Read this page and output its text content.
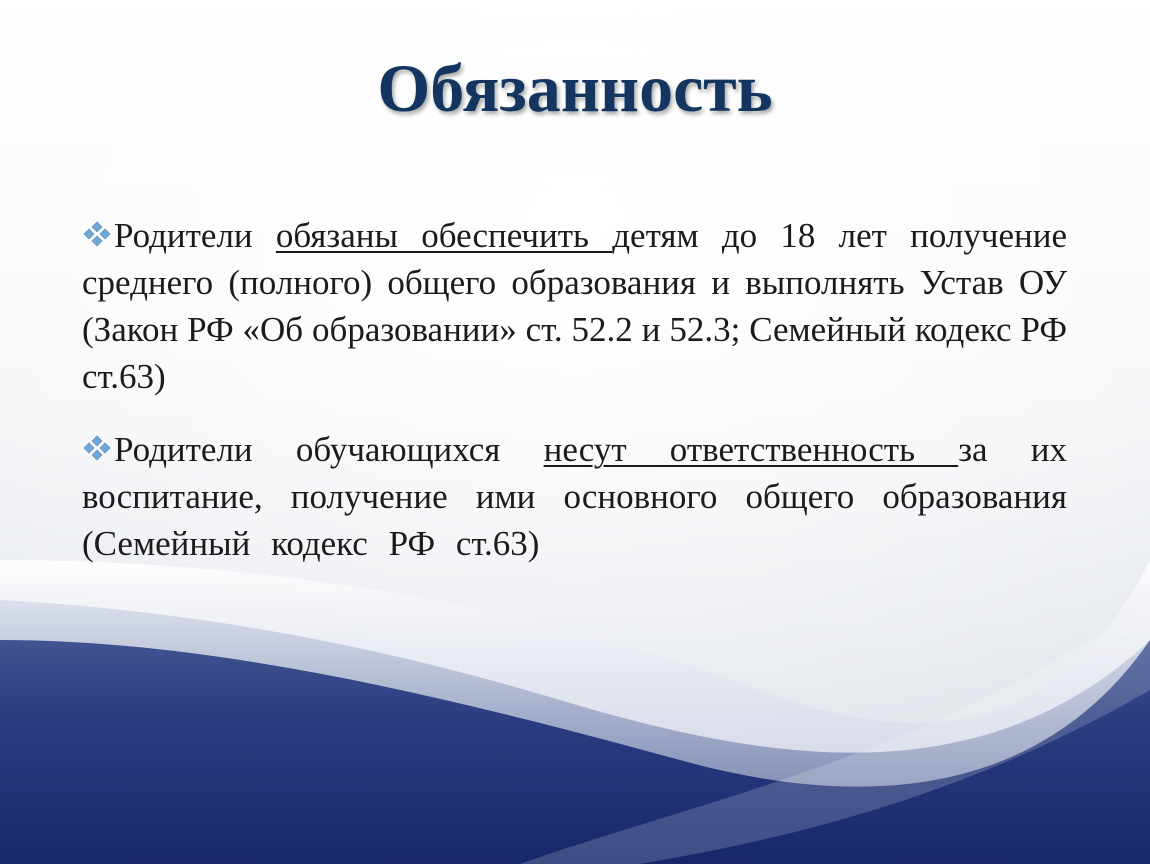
Обязанность

Родители обязаны обеспечить детям до 18 лет получение среднего (полного) общего образования и выполнять Устав ОУ (Закон РФ «Об образовании» ст. 52.2 и 52.3; Семейный кодекс РФ ст.63)

Родители обучающихся несут ответственность за их воспитание, получение ими основного общего образования (Семейный кодекс РФ ст.63)
